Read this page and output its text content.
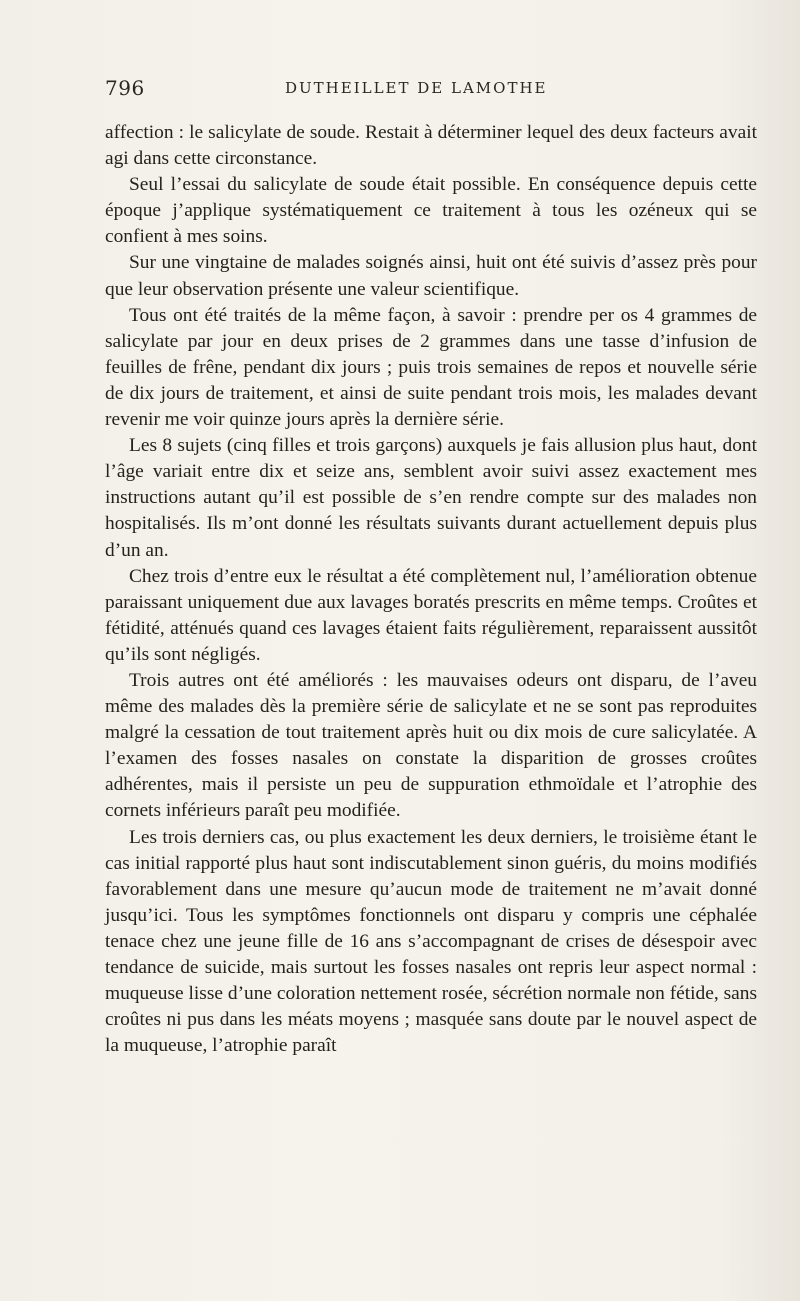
796	DUTHEILLET DE LAMOTHE

affection : le salicylate de soude. Restait à déterminer lequel des deux facteurs avait agi dans cette circonstance.

Seul l’essai du salicylate de soude était possible. En conséquence depuis cette époque j’applique systématiquement ce traitement à tous les ozéneux qui se confient à mes soins.

Sur une vingtaine de malades soignés ainsi, huit ont été suivis d’assez près pour que leur observation présente une valeur scientifique.

Tous ont été traités de la même façon, à savoir : prendre per os 4 grammes de salicylate par jour en deux prises de 2 grammes dans une tasse d’infusion de feuilles de frêne, pendant dix jours ; puis trois semaines de repos et nouvelle série de dix jours de traitement, et ainsi de suite pendant trois mois, les malades devant revenir me voir quinze jours après la dernière série.

Les 8 sujets (cinq filles et trois garçons) auxquels je fais allusion plus haut, dont l’âge variait entre dix et seize ans, semblent avoir suivi assez exactement mes instructions autant qu’il est possible de s’en rendre compte sur des malades non hospitalisés. Ils m’ont donné les résultats suivants durant actuellement depuis plus d’un an.

Chez trois d’entre eux le résultat a été complètement nul, l’amélioration obtenue paraissant uniquement due aux lavages boratés prescrits en même temps. Croûtes et fétidité, atténués quand ces lavages étaient faits régulièrement, reparaissent aussitôt qu’ils sont négligés.

Trois autres ont été améliorés : les mauvaises odeurs ont disparu, de l’aveu même des malades dès la première série de salicylate et ne se sont pas reproduites malgré la cessation de tout traitement après huit ou dix mois de cure salicylatée. A l’examen des fosses nasales on constate la disparition de grosses croûtes adhérentes, mais il persiste un peu de suppuration ethmoïdale et l’atrophie des cornets inférieurs paraît peu modifiée.

Les trois derniers cas, ou plus exactement les deux derniers, le troisième étant le cas initial rapporté plus haut sont indiscutablement sinon guéris, du moins modifiés favorablement dans une mesure qu’aucun mode de traitement ne m’avait donné jusqu’ici. Tous les symptômes fonctionnels ont disparu y compris une céphalée tenace chez une jeune fille de 16 ans s’accompagnant de crises de désespoir avec tendance de suicide, mais surtout les fosses nasales ont repris leur aspect normal : muqueuse lisse d’une coloration nettement rosée, sécrétion normale non fétide, sans croûtes ni pus dans les méats moyens ; masquée sans doute par le nouvel aspect de la muqueuse, l’atrophie paraît
